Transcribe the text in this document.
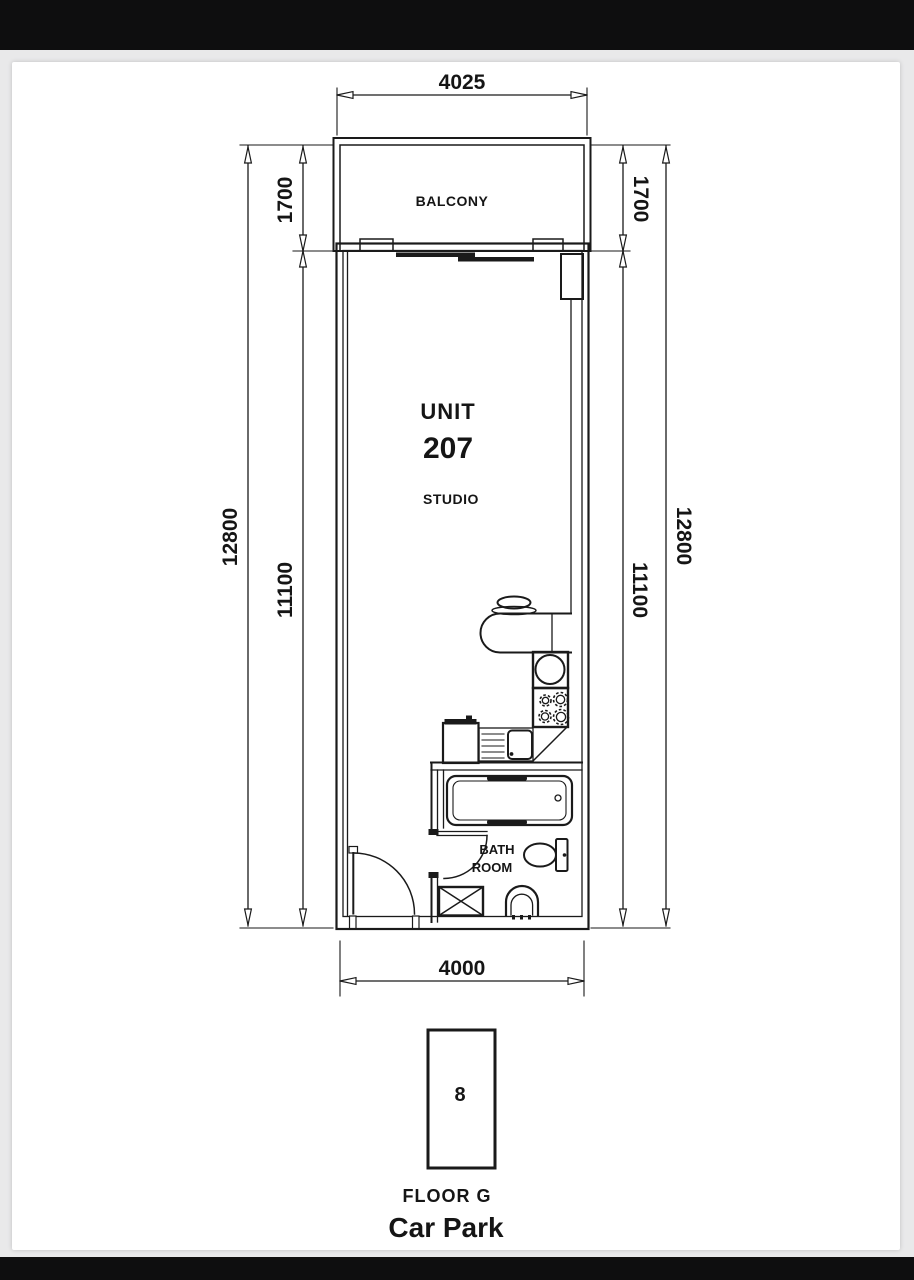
4025
4000
12800
1700
11100
1700
11100
12800
BALCONY
UNIT
207
STUDIO
BATH
ROOM
8
FLOOR G
Car Park
